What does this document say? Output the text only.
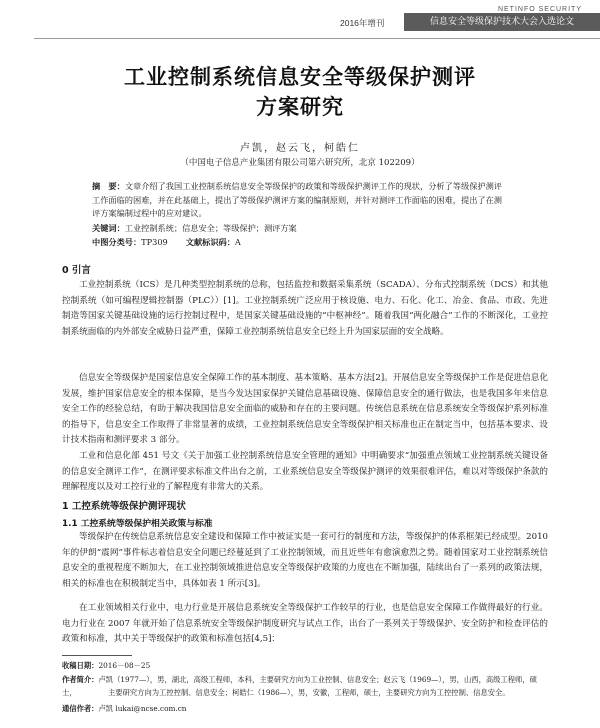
NETINFO SECURITY
2016年增刊	信息安全等级保护技术大会入选论文
工业控制系统信息安全等级保护测评
方案研究
卢凯，赵云飞，柯皓仁
（中国电子信息产业集团有限公司第六研究所，北京 102209）
摘　要：文章介绍了我国工业控制系统信息安全等级保护的政策和等级保护测评工作的现状，分析了等级保护测评工作面临的困难，并在此基础上，提出了等级保护测评方案的编制原则，并针对测评工作面临的困难，提出了在测评方案编制过程中的应对建议。
关键词：工业控制系统；信息安全；等级保护；测评方案
中图分类号：TP309 文献标识码：A
0 引言
工业控制系统（ICS）是几种类型控制系统的总称，包括监控和数据采集系统（SCADA）、分布式控制系统（DCS）和其他控制系统（如可编程逻辑控制器（PLC））[1]。工业控制系统广泛应用于核设施、电力、石化、化工、冶金、食品、市政、先进制造等国家关键基础设施的运行控制过程中，是国家关键基础设施的“中枢神经”。随着我国“两化融合”工作的不断深化，工业控制系统面临的内外部安全威胁日益严重，保障工业控制系统信息安全已经上升为国家层面的安全战略。
信息安全等级保护是国家信息安全保障工作的基本制度、基本策略、基本方法[2]。开展信息安全等级保护工作是促进信息化发展，维护国家信息安全的根本保障，是当今发达国家保护关键信息基础设施、保障信息安全的通行做法，也是我国多年来信息安全工作的经验总结，有助于解决我国信息安全面临的威胁和存在的主要问题。传统信息系统在信息系统安全等级保护系列标准的指导下，信息安全工作取得了非常显著的成绩，工业控制系统信息安全等级保护相关标准也正在制定当中，包括基本要求、设计技术指南和测评要求 3 部分。
工业和信息化部 451 号文《关于加强工业控制系统信息安全管理的通知》中明确要求“加强重点领域工业控制系统关键设备的信息安全测评工作”，在测评要求标准文件出台之前，工业系统信息安全等级保护测评的效果很难评估，难以对等级保护条款的理解程度以及对工控行业的了解程度有非常大的关系。
1 工控系统等级保护测评现状
1.1 工控系统等级保护相关政策与标准
等级保护在传统信息系统信息安全建设和保障工作中被证实是一套可行的制度和方法，等级保护的体系框架已经成型。2010 年的伊朗“震网”事件标志着信息安全问题已经蔓延到了工业控制领域，而且近些年有愈演愈烈之势。随着国家对工业控制系统信息安全的重视程度不断加大，在工业控制领域推进信息安全等级保护政策的力度也在不断加强，陆续出台了一系列的政策法规，相关的标准也在积极制定当中，具体如表 1 所示[3]。
在工业领域相关行业中，电力行业是开展信息系统安全等级保护工作较早的行业，也是信息安全保障工作做得最好的行业。电力行业在 2007 年就开始了信息系统安全等级保护制度研究与试点工作，出台了一系列关于等级保护、安全防护和检查评估的政策和标准，其中关于等级保护的政策和标准包括[4,5]：
收稿日期：2016－08－25
作者简介：卢凯（1977—），男，湖北，高级工程师，本科，主要研究方向为工业控制、信息安全；赵云飞（1969—），男，山西，高级工程师，硕士，	主要研究方向为工控控制、信息安全；柯皓仁（1986—），男，安徽，工程师，硕士，主要研究方向为工控控制、信息安全。
通信作者：卢凯 lukai@ncse.com.cn
